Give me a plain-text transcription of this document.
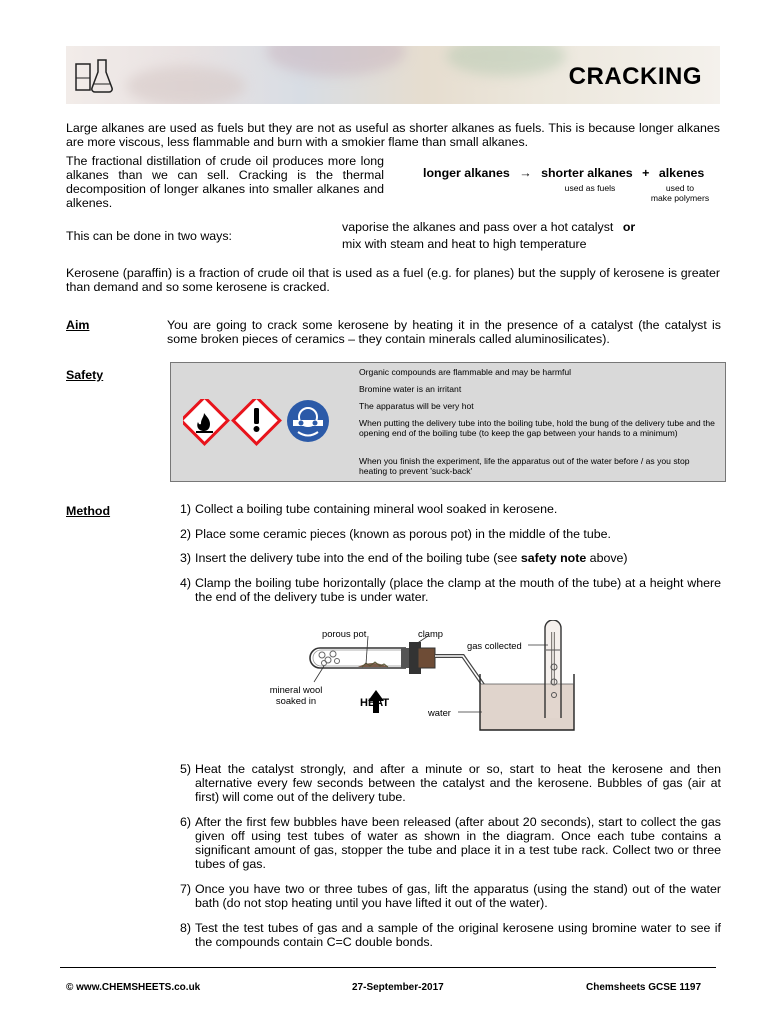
CRACKING
Large alkanes are used as fuels but they are not as useful as shorter alkanes as fuels. This is because longer alkanes are more viscous, less flammable and burn with a smokier flame than small alkanes.
The fractional distillation of crude oil produces more long alkanes than we can sell. Cracking is the thermal decomposition of longer alkanes into smaller alkanes and alkenes.
longer alkanes → shorter alkanes + alkenes
used as fuels	used to
make polymers
This can be done in two ways:
vaporise the alkanes and pass over a hot catalyst or
mix with steam and heat to high temperature
Kerosene (paraffin) is a fraction of crude oil that is used as a fuel (e.g. for planes) but the supply of kerosene is greater than demand and so some kerosene is cracked.
Aim	You are going to crack some kerosene by heating it in the presence of a catalyst (the catalyst is some broken pieces of ceramics – they contain minerals called aluminosilicates).
Safety	Organic compounds are flammable and may be harmful
Bromine water is an irritant
The apparatus will be very hot
When putting the delivery tube into the boiling tube, hold the bung of the delivery tube and the opening end of the boiling tube (to keep the gap between your hands to a minimum)
When you finish the experiment, life the apparatus out of the water before / as you stop heating to prevent 'suck-back'
Method	1) Collect a boiling tube containing mineral wool soaked in kerosene.
2) Place some ceramic pieces (known as porous pot) in the middle of the tube.
3) Insert the delivery tube into the end of the boiling tube (see safety note above)
4) Clamp the boiling tube horizontally (place the clamp at the mouth of the tube) at a height where the end of the delivery tube is under water.
porous pot	clamp
gas collected
mineral wool
soaked in	HEAT
water
5) Heat the catalyst strongly, and after a minute or so, start to heat the kerosene and then alternative every few seconds between the catalyst and the kerosene. Bubbles of gas (air at first) will come out of the delivery tube.
6) After the first few bubbles have been released (after about 20 seconds), start to collect the gas given off using test tubes of water as shown in the diagram. Once each tube contains a significant amount of gas, stopper the tube and place it in a test tube rack. Collect two or three tubes of gas.
7) Once you have two or three tubes of gas, lift the apparatus (using the stand) out of the water bath (do not stop heating until you have lifted it out of the water).
8) Test the test tubes of gas and a sample of the original kerosene using bromine water to see if the compounds contain C=C double bonds.
© www.CHEMSHEETS.co.uk	27-September-2017	Chemsheets GCSE 1197
